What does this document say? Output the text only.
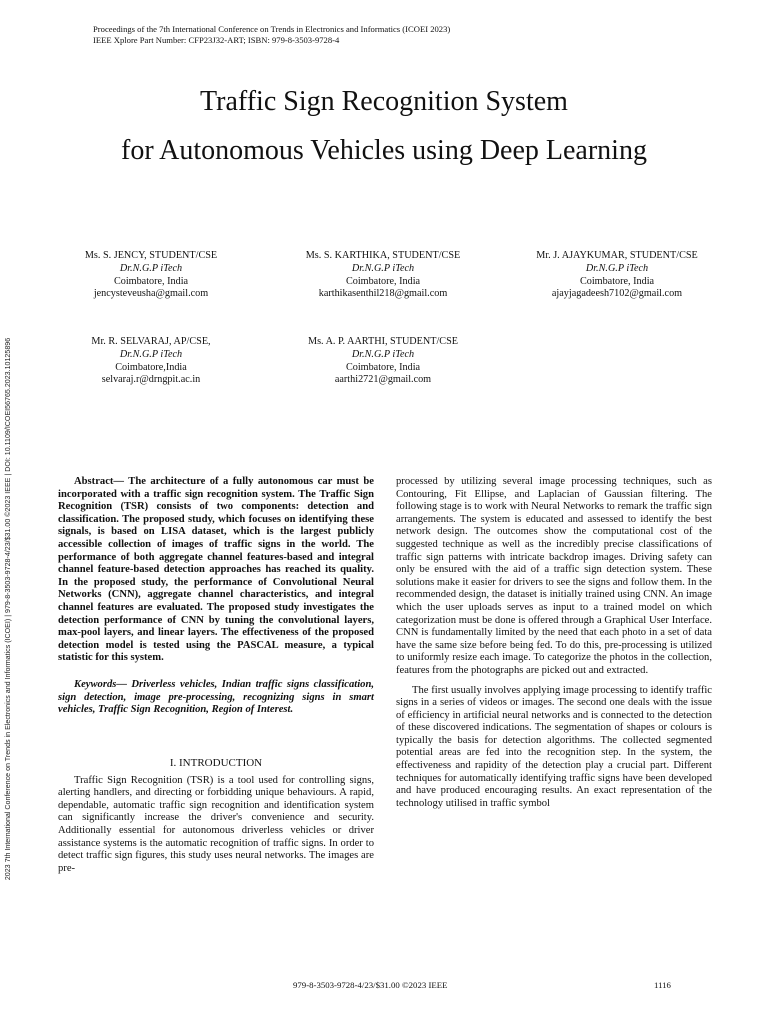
Proceedings of the 7th International Conference on Trends in Electronics and Informatics (ICOEI 2023)
IEEE Xplore Part Number: CFP23J32-ART; ISBN: 979-8-3503-9728-4
Traffic Sign Recognition System
for Autonomous Vehicles using Deep Learning
Ms. S. JENCY, STUDENT/CSE
Dr.N.G.P iTech
Coimbatore, India
jencysteveusha@gmail.com
Ms. S. KARTHIKA, STUDENT/CSE
Dr.N.G.P iTech
Coimbatore, India
karthikasenthil218@gmail.com
Mr. J. AJAYKUMAR, STUDENT/CSE
Dr.N.G.P iTech
Coimbatore, India
ajayjagadeesh7102@gmail.com
Mr. R. SELVARAJ, AP/CSE,
Dr.N.G.P iTech
Coimbatore,India
selvaraj.r@drngpit.ac.in
Ms. A. P. AARTHI, STUDENT/CSE
Dr.N.G.P iTech
Coimbatore, India
aarthi2721@gmail.com
2023 7th International Conference on Trends in Electronics and Informatics (ICOEI) | 979-8-3503-9728-4/23/$31.00 ©2023 IEEE | DOI: 10.1109/ICOEI56765.2023.10125896	Abstract— The architecture of a fully autonomous car must be incorporated with a traffic sign recognition system. The Traffic Sign Recognition (TSR) consists of two components: detection and classification. The proposed study, which focuses on identifying these signals, is based on LISA dataset, which is the largest publicly accessible collection of images of traffic signs in the world. The performance of both aggregate channel features-based and integral channel feature-based detection approaches has reached its quality. In the proposed study, the performance of Convolutional Neural Networks (CNN), aggregate channel characteristics, and integral channel features are evaluated. The proposed study investigates the detection performance of CNN by tuning the convolutional layers, max-pool layers, and linear layers. The effectiveness of the proposed detection model is tested using the PASCAL measure, a typical statistic for this system.

Keywords— Driverless vehicles, Indian traffic signs classification, sign detection, image pre-processing, recognizing signs in smart vehicles, Traffic Sign Recognition, Region of Interest.

I. INTRODUCTION

Traffic Sign Recognition (TSR) is a tool used for controlling signs, alerting handlers, and directing or forbidding unique behaviours. A rapid, dependable, automatic traffic sign recognition and identification system can significantly increase the driver's convenience and security. Additionally essential for autonomous driverless vehicles or driver assistance systems is the automatic recognition of traffic signs. In order to detect traffic sign figures, this study uses neural networks. The images are pre-

processed by utilizing several image processing techniques, such as Contouring, Fit Ellipse, and Laplacian of Gaussian filtering. The following stage is to work with Neural Networks to remark the traffic sign arrangements. The system is educated and assessed to identify the best network design. The outcomes show the computational cost of the suggested technique as well as the incredibly precise classifications of traffic sign patterns with intricate backdrop images. Driving safety can only be ensured with the aid of a traffic sign detection system. These solutions make it easier for drivers to see the signs and follow them. In the recommended design, the dataset is initially trained using CNN. An image which the user uploads serves as input to a trained model on which categorization must be done is offered through a Graphical User Interface. CNN is fundamentally limited by the need that each photo in a set of data have the same size before being fed. To do this, pre-processing is utilized to uniformly resize each image. To categorize the photos in the collection, features from the photographs are picked out and extracted.

The first usually involves applying image processing to identify traffic signs in a series of videos or images. The second one deals with the issue of efficiency in artificial neural networks and is connected to the detection of these discovered indications. The segmentation of shapes or colours is typically the basis for detection algorithms. The collected segmented potential areas are fed into the recognition step. In the system, the effectiveness and rapidity of the detection play a crucial part. Different techniques for automatically identifying traffic signs have been developed and have produced encouraging results. An exact representation of the technology utilised in traffic symbol

979-8-3503-9728-4/23/$31.00 ©2023 IEEE	1116
